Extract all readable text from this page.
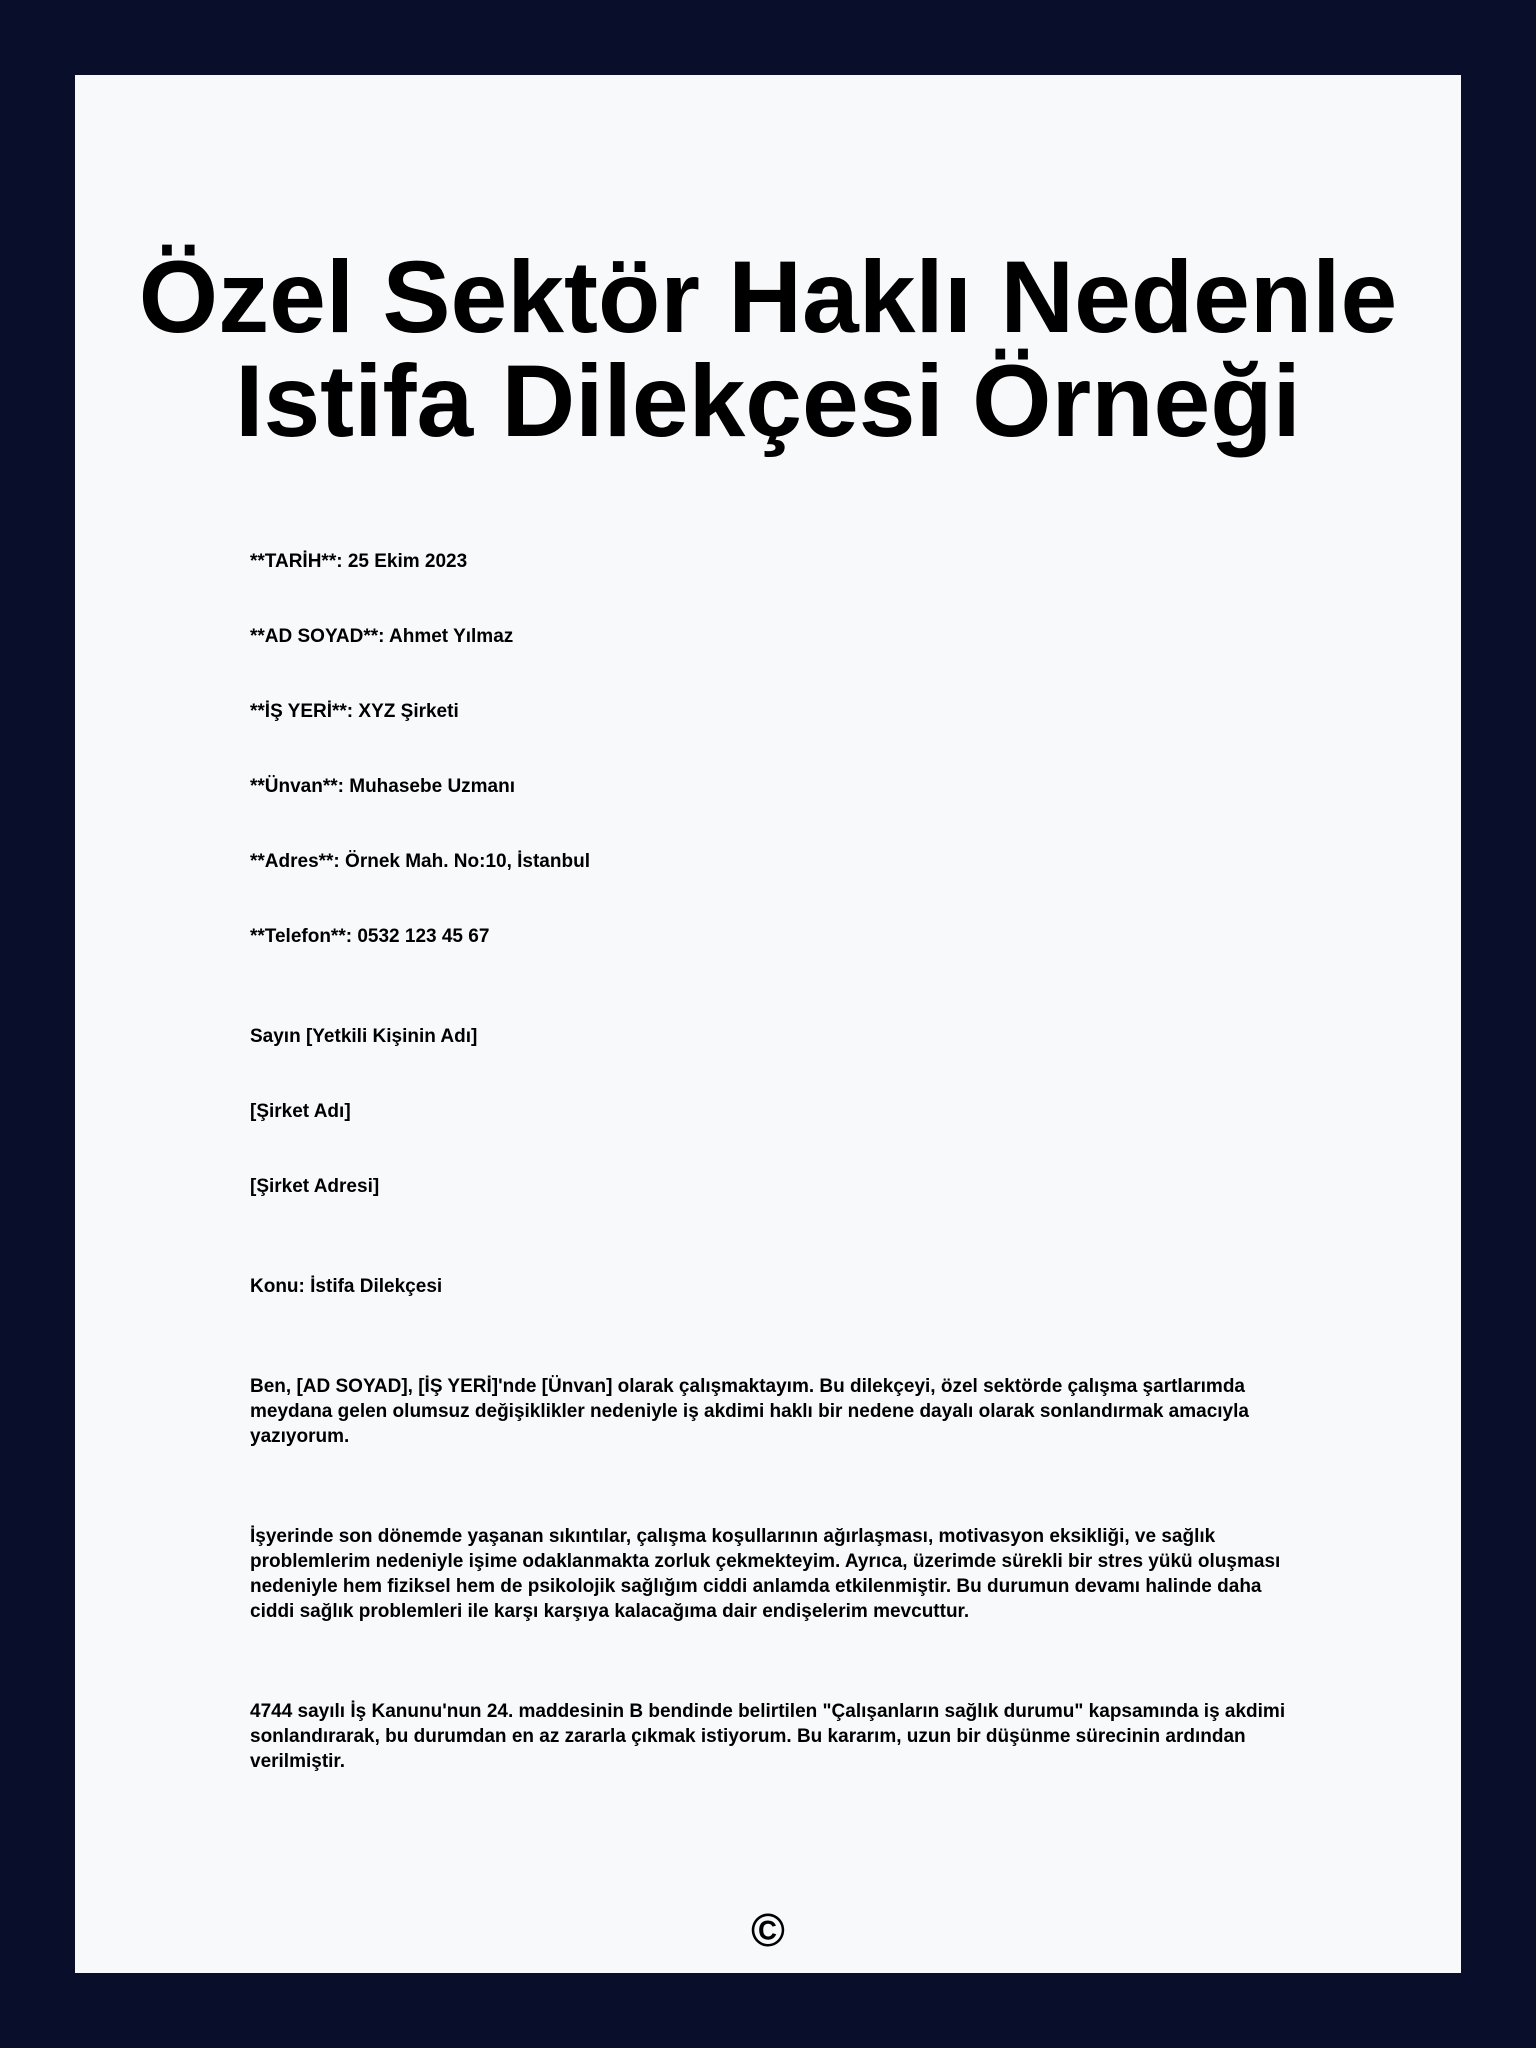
Özel Sektör Haklı Nedenle
Istifa Dilekçesi Örneği

**TARİH**: 25 Ekim 2023

**AD SOYAD**: Ahmet Yılmaz

**İŞ YERİ**: XYZ Şirketi

**Ünvan**: Muhasebe Uzmanı

**Adres**: Örnek Mah. No:10, İstanbul

**Telefon**: 0532 123 45 67

Sayın [Yetkili Kişinin Adı]

[Şirket Adı]

[Şirket Adresi]

Konu: İstifa Dilekçesi

Ben, [AD SOYAD], [İŞ YERİ]'nde [Ünvan] olarak çalışmaktayım. Bu dilekçeyi, özel sektörde çalışma şartlarımda meydana gelen olumsuz değişiklikler nedeniyle iş akdimi haklı bir nedene dayalı olarak sonlandırmak amacıyla yazıyorum.

İşyerinde son dönemde yaşanan sıkıntılar, çalışma koşullarının ağırlaşması, motivasyon eksikliği, ve sağlık problemlerim nedeniyle işime odaklanmakta zorluk çekmekteyim. Ayrıca, üzerimde sürekli bir stres yükü oluşması nedeniyle hem fiziksel hem de psikolojik sağlığım ciddi anlamda etkilenmiştir. Bu durumun devamı halinde daha ciddi sağlık problemleri ile karşı karşıya kalacağıma dair endişelerim mevcuttur.

4744 sayılı İş Kanunu'nun 24. maddesinin B bendinde belirtilen "Çalışanların sağlık durumu" kapsamında iş akdimi sonlandırarak, bu durumdan en az zararla çıkmak istiyorum. Bu kararım, uzun bir düşünme sürecinin ardından verilmiştir.

©
